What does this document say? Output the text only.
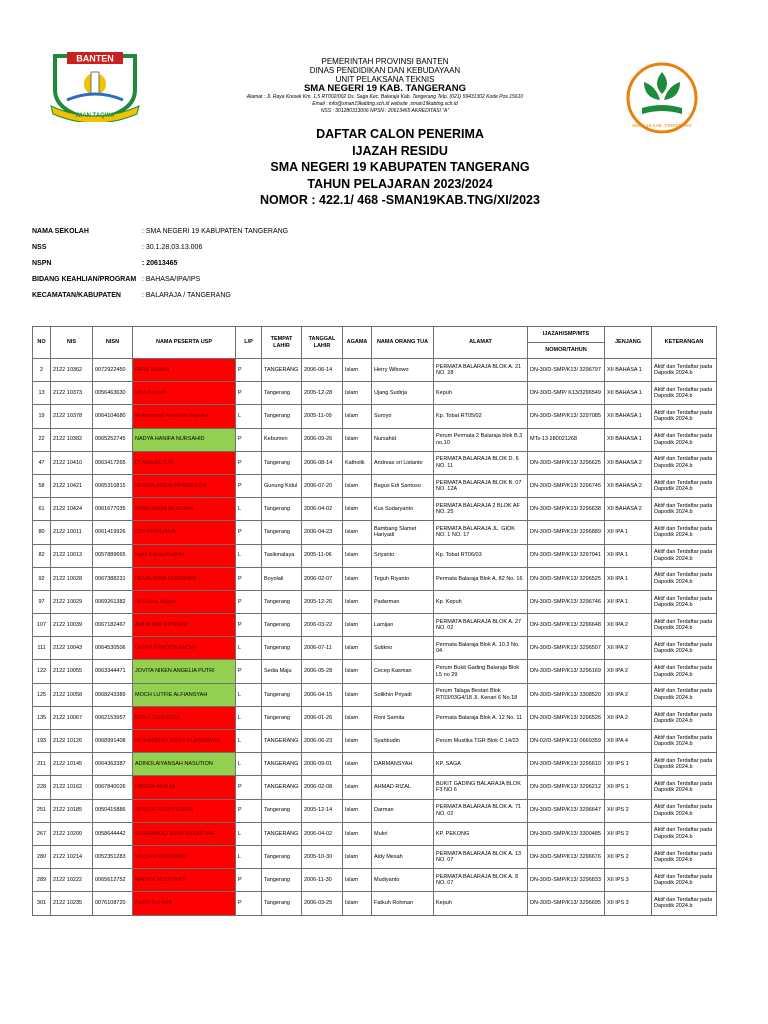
BANTEN
IMAN TAQWA
PEMERINTAH PROVINSI BANTEN
DINAS PENDIDIKAN DAN KEBUDAYAAN
UNIT PELAKSANA TEKNIS
SMA NEGERI 19 KAB. TANGERANG
Alamat : Jl. Raya Kresek Km. 1,5 RT002/002 Ds. Saga Kec. Balaraja Kab. Tangerang Telp. (021) 59431302 Kode Pos 15610
Email : info@sman19kabtng.sch.id website :sman19kabtng.sch.id
NSS : 301280313006 NPSN : 20613465 AKREDITASI "A"
SMAN 19 KAB. TANGERANG
DAFTAR CALON PENERIMA
IJAZAH RESIDU
SMA NEGERI 19 KABUPATEN TANGERANG
TAHUN PELAJARAN 2023/2024
NOMOR : 422.1/ 468 -SMAN19KAB.TNG/XI/2023
NAMA SEKOLAH	: SMA NEGERI 19 KABUPATEN TANGERANG
NSS	: 30.1.28.03.13.006
NSPN	: 20613465
BIDANG KEAHLIAN/PROGRAM : BAHASA/IPA/IPS
KECAMATAN/KABUPATEN	: BALARAJA / TANGERANG
NO	NIS	NISN	NAMA PESERTA USP	L/P	TEMPAT LAHIR	TANGGAL LAHIR	AGAMA	NAMA ORANG TUA	ALAMAT	IJAZAH/SMP/MTS	JENJANG	KETERANGAN
										NOMOR/TAHUN		
2	2122 10362	0072922450	RAYA ISHAMI	P	TANGERANG	2006-06-14	Islam	Herry Wibowo	PERMATA BALARAJA BLOK A. 21 NO. 28	DN-30/D-SMP/K13/ 3296797	XII BAHASA 1	Aktif dan Terdaftar pada Dapodik 2024.b
13	2122 10373	0056463630	Rika Paujiah	P	Tangerang	2005-12-28	Islam	Ujang Sudirja	Kepuh	DN-30/D-SMP/ K13/3296549	XII BAHASA 1	Aktif dan Terdaftar pada Dapodik 2024.b
19	2122 10378	0064104680	Muhammad Nasruloh Saputra	L	Tangerang	2005-11-09	Islam	Suroyo	Kp. Tobat RT05/02	DN-30/D-SMP/K13/ 3297085	XII BAHASA 1	Aktif dan Terdaftar pada Dapodik 2024.b
22	2122 10382	0065252745	NADYA HANIFA NURSAHID	P	Kebumen	2006-09-26	Islam	Nursahid	Perum Permata 2 Balaraja blok B.3 no.10	MTs-13 280021268	XII BAHASA 1	Aktif dan Terdaftar pada Dapodik 2024.b
47	2122 10410	0063417265	CLARA ASTUTI	P	Tangerang	2006-08-14	Katholik	Andreas sri Listanto	PERMATA BALARAJA BLOK D. 6 NO. 11	DN-30/D-SMP/K13/ 3296625	XII BAHASA 2	Aktif dan Terdaftar pada Dapodik 2024.b
58	2122 10421	0065310815	REGITA ANDAI PRAMESTHI	P	Gunung Kidul	2006-07-20	Islam	Bagus Edi Santoso	PERMATA BALARAJA BLOK B. 07 NO. 12A	DN-30/D-SMP/K13/ 3296745	XII BAHASA 2	Aktif dan Terdaftar pada Dapodik 2024.b
61	2122 10424	0061677035	RYAN RAMA MUSTAFA	L	Tangerang	2006-04-02	Islam	Kus Sudaryanto	PERMATA BALARAJA 2 BLOK AF NO. 25	DN-30/D-SMP/K13/ 3296638	XII BAHASA 2	Aktif dan Terdaftar pada Dapodik 2024.b
80	2122 10011	0061419926	DWI APRILIANA	P	Tangerang	2006-04-23	Islam	Bambang Slamet Hariyadi	PERMATA BALARAJA JL. GIOK NO. 1 NO. 17	DN-30/D-SMP/K13/ 3296889	XII IPA 1	Aktif dan Terdaftar pada Dapodik 2024.b
82	2122 10013	0057889665	Fahri Kanza Fadhila	L	Tasikmalaya	2005-11-06	Islam	Sriyanto	Kp. Tobat RT06/03	DN-30/D-SMP/K13/ 3297041	XII IPA 1	Aktif dan Terdaftar pada Dapodik 2024.b
92	2122 10028	0067388231	NEVALIMNA FEBRIANTI	P	Boyolali	2006-02-07	Islam	Teguh Riyanto	Permata Balaraja Blok A. 82 No. 16	DN-30/D-SMP/K13/ 3296525	XII IPA 1	Aktif dan Terdaftar pada Dapodik 2024.b
97	2122 10029	0069261382	Nilai Dela Anjani	P	Tangerang	2005-12-26	Islam	Padarman	Kp. Kepuh	DN-30/D-SMP/K13/ 3296746	XII IPA 1	Aktif dan Terdaftar pada Dapodik 2024.b
107	2122 10039	0067182467	AULIA DWI FITRIANI	P	Tangerang	2006-03-22	Islam	Lamijan	PERMATA BALARAJA BLOK A. 27 NO. 02	DN-30/D-SMP/K13/ 3296648	XII IPA 2	Aktif dan Terdaftar pada Dapodik 2024.b
111	2122 10043	0064530506	DAFFA PRADITA ARDHI	L	Tangerang	2006-07-11	Islam	Sutikno	Permata Balaraja Blok A. 10.3 No. 04	DN-30/D-SMP/K13/ 3296507	XII IPA 2	Aktif dan Terdaftar pada Dapodik 2024.b
122	2122 10055	0063344471	JOVITA NIKEN ANGELIA PUTRI	P	Sedia Maju	2006-05-28	Islam	Cecep Kasman	Perum Bukit Gading Balaraja Blok L5 no 29	DN-30/D-SMP/K13/ 3296169	XII IPA 2	Aktif dan Terdaftar pada Dapodik 2024.b
125	2122 10058	0068243389	MOCH LUTFIE ALFIANSYAH	L	Tangerang	2006-04-15	Islam	Solikhin Priyadi	Perum Talaga Bestari Blok RT03/03G4/18 Jl. Kenari 6 No 18	DN-30/D-SMP/K13/ 3308520	XII IPA 2	Aktif dan Terdaftar pada Dapodik 2024.b
135	2122 10067	0062153957	RIZKY CHANDRA	L	Tangerang	2006-01-26	Islam	Roni Sarnita	Permata Balaraja Blok A. 12 No. 11	DN-30/D-SMP/K13/ 3296526	XII IPA 2	Aktif dan Terdaftar pada Dapodik 2024.b
193	2122 10126	0068991408	MUHAMMAD RIZKY KURNIAWAN	L	TANGERANG	2006-06-23	Islam	Syahbudin	Perum Mustika TGR Blok C 14/23	DN-02/D-SMP/K13/ 0669359	XII IPA 4	Aktif dan Terdaftar pada Dapodik 2024.b
211	2122 10145	0064363387	ADINOLAIYANSAH NASUTION	L	TANGERANG	2006-09-01	Islam	DARMANSYAH	KP. SAGA	DN-30/D-SMP/K13/ 3296610	XII IPS 1	Aktif dan Terdaftar pada Dapodik 2024.b
228	2122 10162	0067840026	NASWA AKALIA	P	TANGERANG	2006-02-08	Islam	AHMAD RIZAL	BUKIT GADING BALARAJA BLOK F3 NO 6	DN-30/D-SMP/K13/ 3296212	XII IPS 1	Aktif dan Terdaftar pada Dapodik 2024.b
251	2122 10185	0050415886	AMELIA PUSPITA SARI	P	Tangerang	2005-12-14	Islam	Darman	PERMATA BALARAJA BLOK A. 71 NO. 02	DN-30/D-SMP/K13/ 3296647	XII IPS 2	Aktif dan Terdaftar pada Dapodik 2024.b
267	2122 10200	0058644442	MUHAMMAD RIZKI BASARYAH	L	TANGERANG	2006-04-02	Islam	Mukri	KP. PEKONG	DN-30/D-SMP/K13/ 3300485	XII IPS 2	Aktif dan Terdaftar pada Dapodik 2024.b
280	2122 10214	0052351283	WILDAN RAMADANI	L	Tangerang	2005-10-30	Islam	Aldy Mesah	PERMATA BALARAJA BLOK A. 13 NO. 07	DN-30/D-SMP/K13/ 3296676	XII IPS 2	Aktif dan Terdaftar pada Dapodik 2024.b
289	2122 10222	0065612752	RADIKA MUDIYANTI	P	Tangerang	2006-11-30	Islam	Mudiyanto	PERMATA BALARAJA BLOK A. 8 NO. 07	DN-30/D-SMP/K13/ 3296833	XII IPS 3	Aktif dan Terdaftar pada Dapodik 2024.b
301	2122 10235	0076108720	Fadhil Nur Arifi	P	Tangerang	2006-03-25	Islam	Fatkuh Rohman	Kepuh	DN-30/D-SMP/K13/ 3296695	XII IPS 3	Aktif dan Terdaftar pada Dapodik 2024.b
